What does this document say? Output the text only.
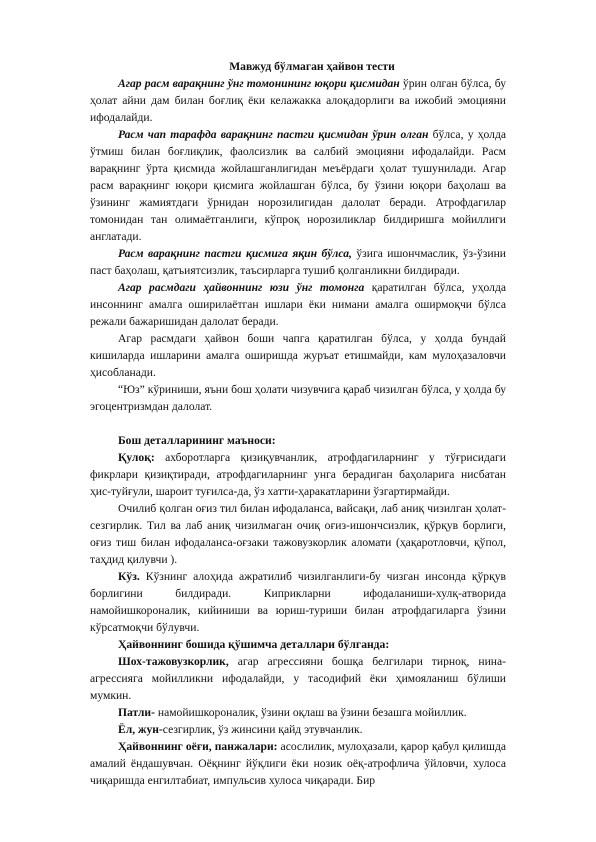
Мавжуд бўлмаган ҳайвон тести

Агар расм варақнинг ўнг томонининг юқори қисмидан ўрин олган бўлса, бу ҳолат айни дам билан боғлиқ ёки келажакка алоқадорлиги ва ижобий эмоцияни ифодалайди.

Расм чап тарафда варақнинг пастги қисмидан ўрин олган бўлса, у ҳолда ўтмиш билан боғлиқлик, фаолсизлик ва салбий эмоцияни ифодалайди. Расм варақнинг ўрта қисмида жойлашганлигидан меъёрдаги ҳолат тушунилади. Агар расм варақнинг юқори қисмига жойлашган бўлса, бу ўзини юқори баҳолаш ва ўзининг жамиятдаги ўрнидан норозилигидан далолат беради. Атрофдагилар томонидан тан олимаётганлиги, кўпроқ норозиликлар билдиришга мойиллиги англатади.

Расм варақнинг пастги қисмига яқин бўлса, ўзига ишончмаслик, ўз-ўзини паст баҳолаш, қатъиятсизлик, таъсирларга тушиб қолганликни билдиради.

Агар расмдаги ҳайвоннинг юзи ўнг томонга қаратилган бўлса, уҳолда инсоннинг амалга оширилаётган ишлари ёки нимани амалга оширмоқчи бўлса режали бажаришидан далолат беради.

Агар расмдаги ҳайвон боши чапга қаратилган бўлса, у ҳолда бундай кишиларда ишларини амалга оширишда журъат етишмайди, кам мулоҳазаловчи ҳисобланади.

“Юз” кўриниши, яъни бош ҳолати чизувчига қараб чизилган бўлса, у ҳолда бу эгоцентризмдан далолат.

Бош деталларининг маъноси:

Қулоқ: ахборотларга қизиқувчанлик, атрофдагиларнинг у тўғрисидаги фикрлари қизиқтиради, атрофдагиларнинг унга берадиган баҳоларига нисбатан ҳис-туйғули, шароит туғилса-да, ўз хатти-ҳаракатларини ўзгартирмайди.

Очилиб қолган оғиз тил билан ифодаланса, вайсақи, лаб аниқ чизилган ҳолат-сезгирлик. Тил ва лаб аниқ чизилмаган очиқ оғиз-ишончсизлик, қўрқув борлиги, оғиз тиш билан ифодаланса-оғзаки тажовузкорлик аломати (ҳақаротловчи, қўпол, таҳдид қилувчи ).

Кўз. Кўзнинг алоҳида ажратилиб чизилганлиги-бу чизган инсонда қўрқув борлигини билдиради. Киприкларни ифодаланиши-хулқ-атворида намойишкороналик, кийиниши ва юриш-туриши билан атрофдагиларга ўзини кўрсатмоқчи бўлувчи.

Ҳайвоннинг бошида қўшимча деталлари бўлганда:

Шох-тажовузкорлик, агар агрессияни бошқа белгилари тирноқ, нина-агрессияга мойилликни ифодалайди, у тасодифий ёки ҳимояланиш бўлиши мумкин.

Патли- намойишкороналик, ўзини оқлаш ва ўзини безашга мойиллик.

Ёл, жун-сезгирлик, ўз жинсини қайд этувчанлик.

Ҳайвоннинг оёғи, панжалари: асослилик, мулоҳазали, қарор қабул қилишда амалий ёндашувчан. Оёқнинг йўқлиги ёки нозик оёқ-атрофлича ўйловчи, хулоса чиқаришда енгилтабиат, импульсив хулоса чиқаради. Бир
